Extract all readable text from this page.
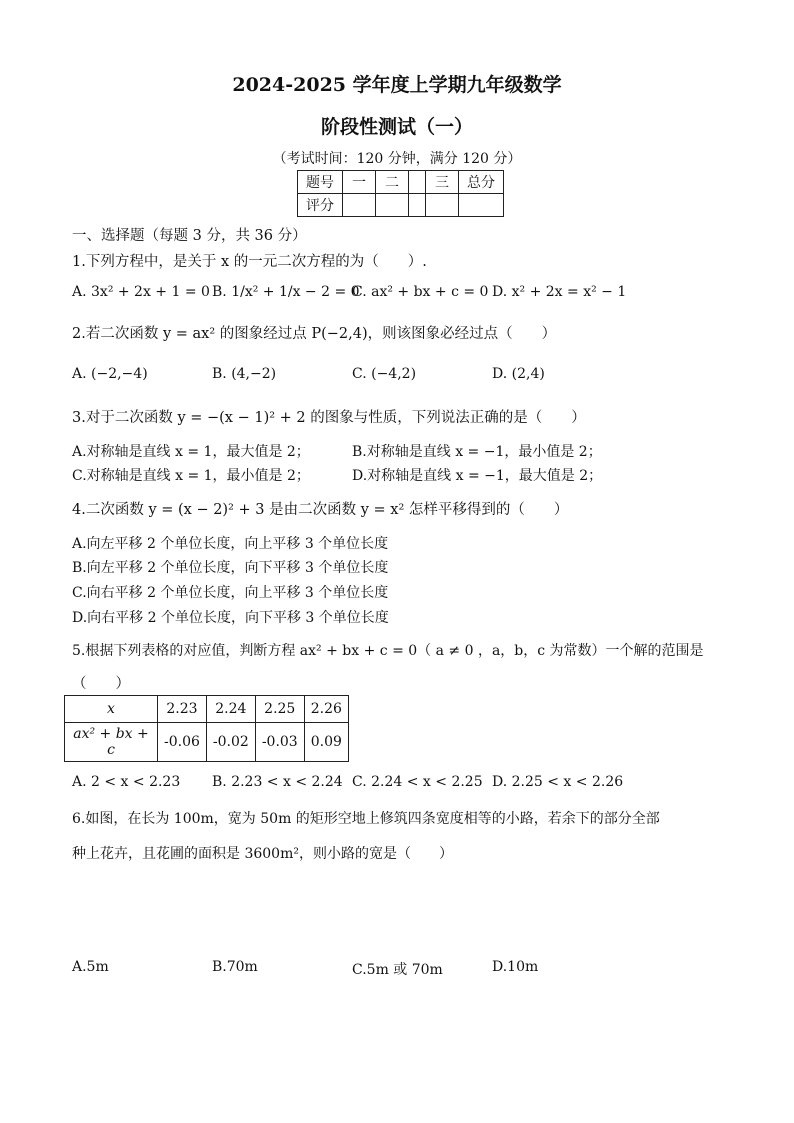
2024-2025 学年度上学期九年级数学
阶段性测试（一）
（考试时间：120 分钟，满分 120 分）
题号	一	二		三	总分
评分					
一、选择题（每题 3 分，共 36 分）
1.下列方程中，是关于 x 的一元二次方程的为（　　）.
A. 3x² + 2x + 1 = 0 B. 1/x² + 1/x − 2 = 0
C. ax² + bx + c = 0 D. x² + 2x = x² − 1
2.若二次函数 y = ax² 的图象经过点 P(−2,4)，则该图象必经过点（　　）
A. (−2,−4)	B. (4,−2)	C. (−4,2)	D. (2,4)
3.对于二次函数 y = −(x − 1)² + 2 的图象与性质，下列说法正确的是（　　）
A.对称轴是直线 x = 1，最大值是 2；	B.对称轴是直线 x = −1，最小值是 2；
C.对称轴是直线 x = 1，最小值是 2；	D.对称轴是直线 x = −1，最大值是 2；
4.二次函数 y = (x − 2)² + 3 是由二次函数 y = x² 怎样平移得到的（　　）
A.向左平移 2 个单位长度，向上平移 3 个单位长度
B.向左平移 2 个单位长度，向下平移 3 个单位长度
C.向右平移 2 个单位长度，向上平移 3 个单位长度
D.向右平移 2 个单位长度，向下平移 3 个单位长度
5.根据下列表格的对应值，判断方程 ax² + bx + c = 0（ a ≠ 0 ，a，b，c 为常数）一个解的范围是
（　　）
x	2.23	2.24	2.25	2.26
ax² + bx + c	-0.06	-0.02	-0.03	0.09
A. 2 < x < 2.23 B. 2.23 < x < 2.24 C. 2.24 < x < 2.25 D. 2.25 < x < 2.26
6.如图，在长为 100m，宽为 50m 的矩形空地上修筑四条宽度相等的小路，若余下的部分全部
种上花卉，且花圃的面积是 3600m²，则小路的宽是（　　）
A.5m	B.70m	C.5m 或 70m	D.10m
